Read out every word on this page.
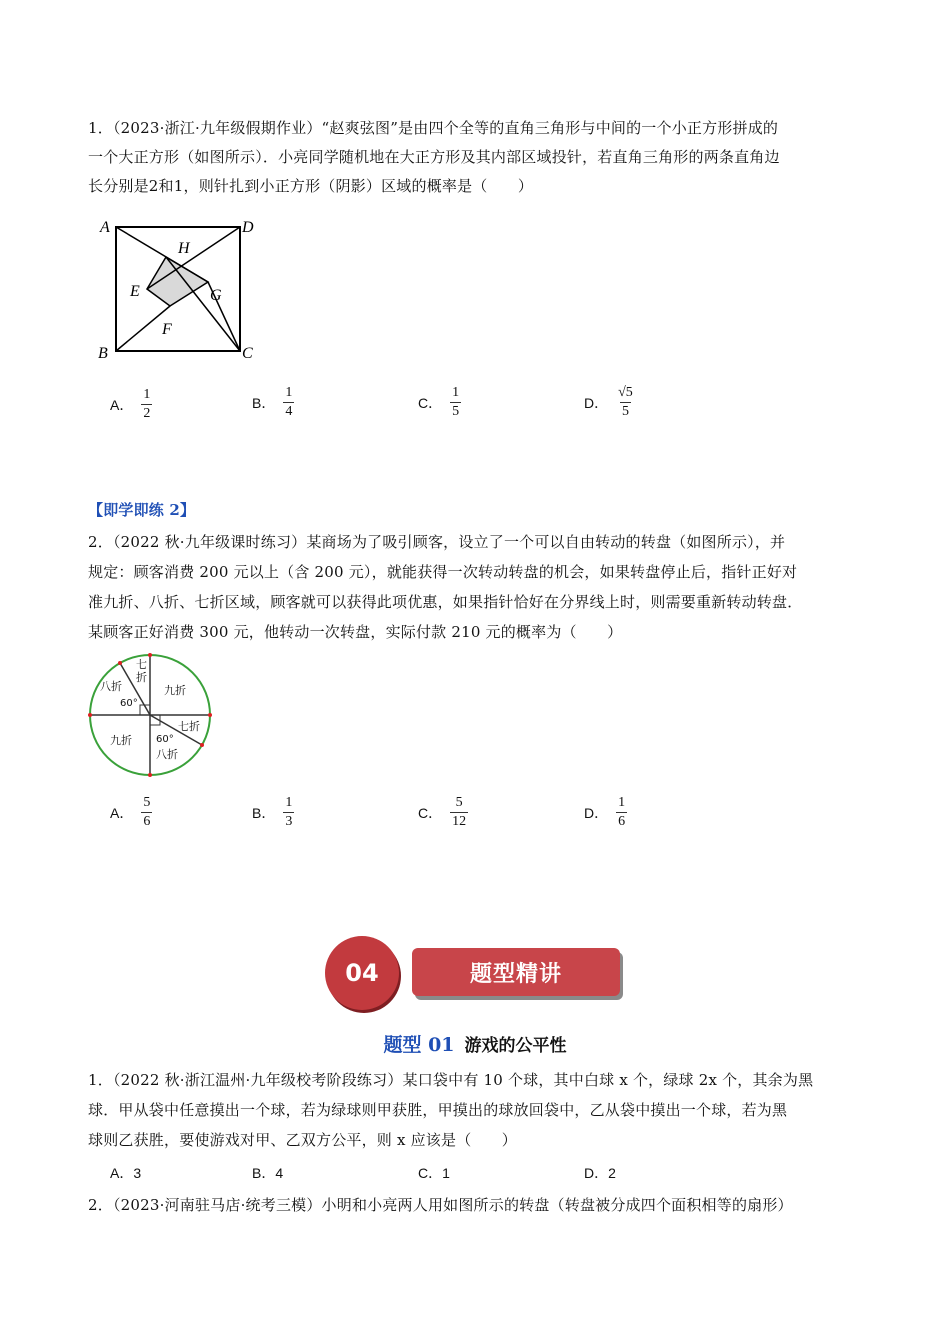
1．（2023·浙江·九年级假期作业）“赵爽弦图”是由四个全等的直角三角形与中间的一个小正方形拼成的
一个大正方形（如图所示）．小亮同学随机地在大正方形及其内部区域投针，若直角三角形的两条直角边
长分别是2和1，则针扎到小正方形（阴影）区域的概率是（　　）
A	D
H
E	G
F
B	C
A． $\frac{1}{2}$	B． $\frac{1}{4}$	C． $\frac{1}{5}$	D． $\frac{√5}{5}$
【即学即练 2】
2．（2022 秋·九年级课时练习）某商场为了吸引顾客，设立了一个可以自由转动的转盘（如图所示），并
规定：顾客消费 200 元以上（含 200 元），就能获得一次转动转盘的机会，如果转盘停止后，指针正好对
准九折、八折、七折区域，顾客就可以获得此项优惠，如果指针恰好在分界线上时，则需要重新转动转盘．
某顾客正好消费 300 元，他转动一次转盘，实际付款 210 元的概率为（　　）
七
折
八折	九折
60°
七折
九折 60°
八折
A． $\frac{5}{6}$	B． $\frac{1}{3}$	C． $\frac{5}{12}$	D． $\frac{1}{6}$
04	题型精讲
题型 01 游戏的公平性
1．（2022 秋·浙江温州·九年级校考阶段练习）某口袋中有 10 个球，其中白球 x 个，绿球 2x 个，其余为黑
球．甲从袋中任意摸出一个球，若为绿球则甲获胜，甲摸出的球放回袋中，乙从袋中摸出一个球，若为黑
球则乙获胜，要使游戏对甲、乙双方公平，则 x 应该是（　　）
A．3	B．4	C．1	D．2
2．（2023·河南驻马店·统考三模）小明和小亮两人用如图所示的转盘（转盘被分成四个面积相等的扇形）
